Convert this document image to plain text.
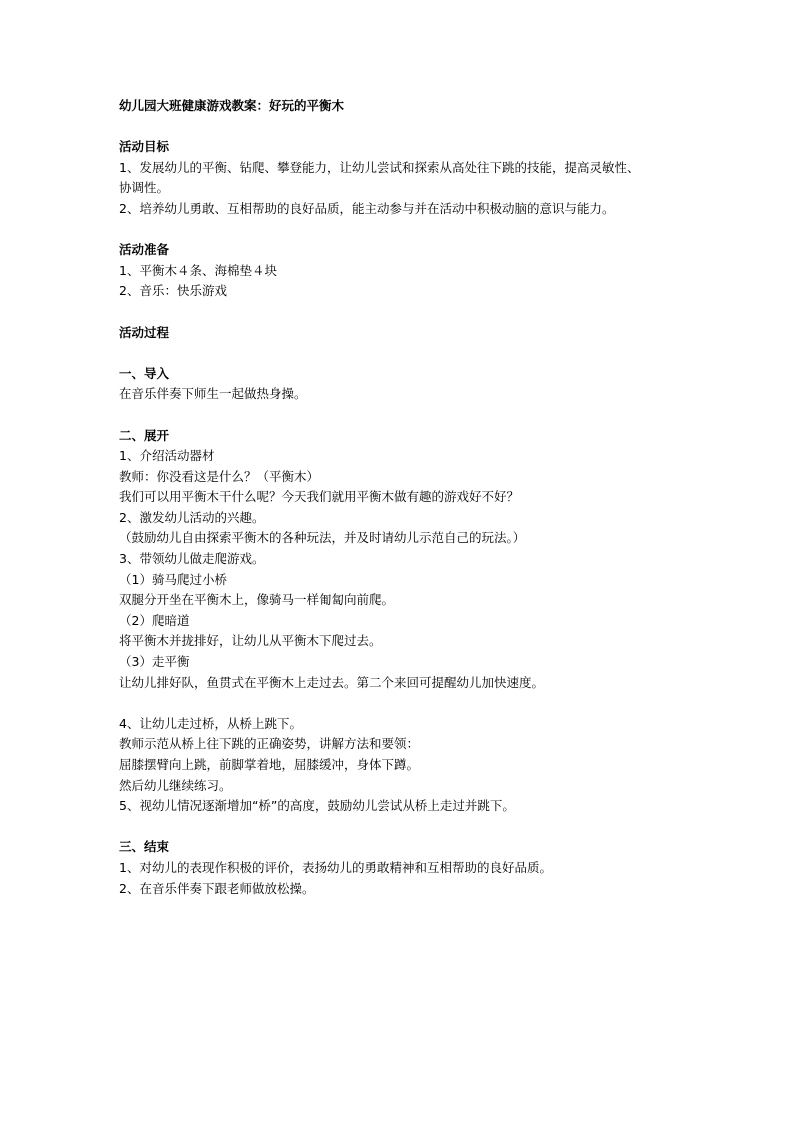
幼儿园大班健康游戏教案：好玩的平衡木
活动目标
1、发展幼儿的平衡、钻爬、攀登能力，让幼儿尝试和探索从高处往下跳的技能，提高灵敏性、
协调性。
2、培养幼儿勇敢、互相帮助的良好品质，能主动参与并在活动中积极动脑的意识与能力。
活动准备
1、平衡木４条、海棉垫４块
2、音乐：快乐游戏
活动过程
一、导入
在音乐伴奏下师生一起做热身操。
二、展开
1、介绍活动器材
教师：你没看这是什么？（平衡木）
我们可以用平衡木干什么呢？今天我们就用平衡木做有趣的游戏好不好？
2、激发幼儿活动的兴趣。
（鼓励幼儿自由探索平衡木的各种玩法，并及时请幼儿示范自己的玩法。）
3、带领幼儿做走爬游戏。
（1）骑马爬过小桥
双腿分开坐在平衡木上，像骑马一样匍匐向前爬。
（2）爬暗道
将平衡木并拢排好，让幼儿从平衡木下爬过去。
（3）走平衡
让幼儿排好队，鱼贯式在平衡木上走过去。第二个来回可提醒幼儿加快速度。
4、让幼儿走过桥，从桥上跳下。
教师示范从桥上往下跳的正确姿势，讲解方法和要领：
屈膝摆臂向上跳，前脚掌着地，屈膝缓冲，身体下蹲。
然后幼儿继续练习。
5、视幼儿情况逐渐增加“桥”的高度，鼓励幼儿尝试从桥上走过并跳下。
三、结束
1、对幼儿的表现作积极的评价，表扬幼儿的勇敢精神和互相帮助的良好品质。
2、在音乐伴奏下跟老师做放松操。
